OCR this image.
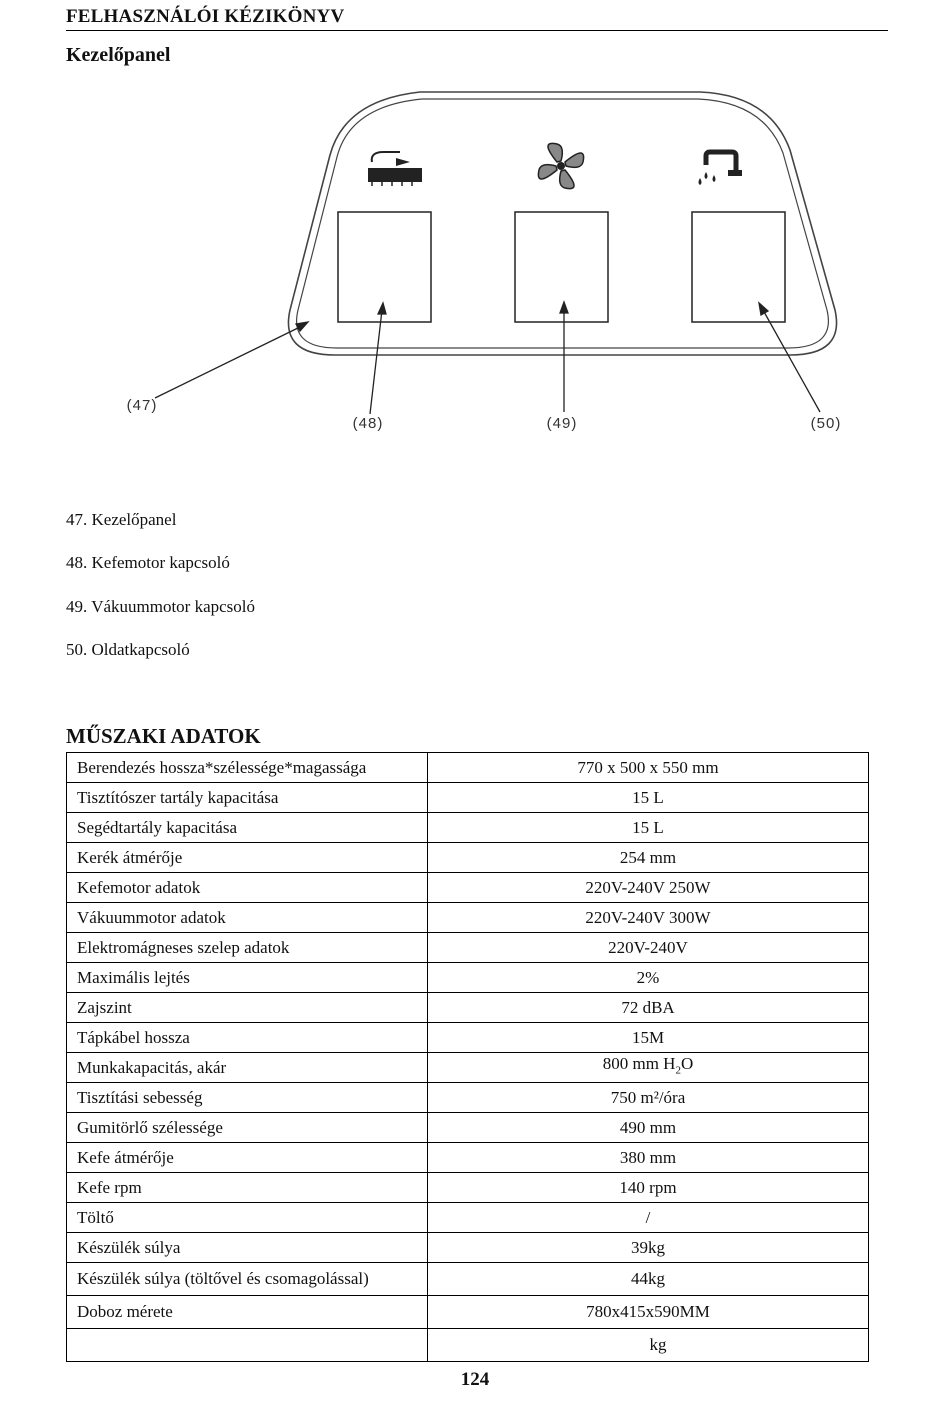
FELHASZNÁLÓI KÉZIKÖNYV
Kezelőpanel
(47)
(48)	(49)	(50)
47. Kezelőpanel
48. Kefemotor kapcsoló
49. Vákuummotor kapcsoló
50. Oldatkapcsoló
MŰSZAKI ADATOK
Berendezés hossza*szélessége*magassága	770 x 500 x 550 mm
Tisztítószer tartály kapacitása	15 L
Segédtartály kapacitása	15 L
Kerék átmérője	254 mm
Kefemotor adatok	220V-240V 250W
Vákuummotor adatok	220V-240V 300W
Elektromágneses szelep adatok	220V-240V
Maximális lejtés	2%
Zajszint	72 dBA
Tápkábel hossza	15M
Munkakapacitás, akár	800 mm $H_2O$
Tisztítási sebesség	750 m²/óra
Gumitörlő szélessége	490 mm
Kefe átmérője	380 mm
Kefe rpm	140 rpm
Töltő	/
Készülék súlya	39kg
Készülék súlya (töltővel és csomagolással)	44kg
Doboz mérete	780x415x590MM
	kg
124
